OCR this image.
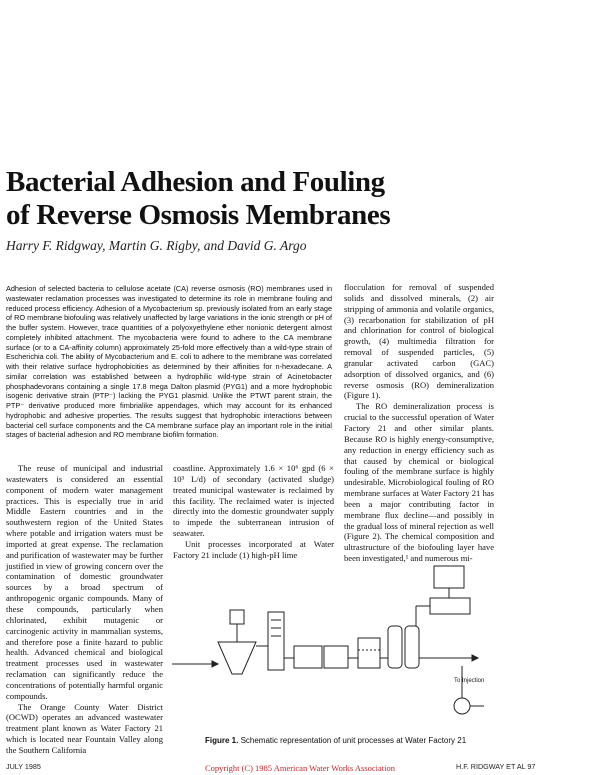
Bacterial Adhesion and Fouling
of Reverse Osmosis Membranes
Harry F. Ridgway, Martin G. Rigby, and David G. Argo
Adhesion of selected bacteria to cellulose acetate (CA) reverse osmosis (RO) membranes used in wastewater reclamation processes was investigated to determine its role in membrane fouling and reduced process efficiency. Adhesion of a Mycobacterium sp. previously isolated from an early stage of RO membrane biofouling was relatively unaffected by large variations in the ionic strength or pH of the buffer system. However, trace quantities of a polyoxyethylene ether nonionic detergent almost completely inhibited attachment. The mycobacteria were found to adhere to the CA membrane surface (or to a CA-affinity column) approximately 25-fold more effectively than a wild-type strain of Escherichia coli. The ability of Mycobacterium and E. coli to adhere to the membrane was correlated with their relative surface hydrophobicities as determined by their affinities for n-hexadecane. A similar correlation was established between a hydrophilic wild-type strain of Acinetobacter phosphadevorans containing a single 17.8 mega Dalton plasmid (PYG1) and a more hydrophobic isogenic derivative strain (PTP⁻) lacking the PYG1 plasmid. Unlike the PTWT parent strain, the PTP⁻ derivative produced more fimbrialike appendages, which may account for its enhanced hydrophobic and adhesive properties. The results suggest that hydrophobic interactions between bacterial cell surface components and the CA membrane surface play an important role in the initial stages of bacterial adhesion and RO membrane biofilm formation.

The reuse of municipal and industrial wastewaters is considered an essential component of modern water management practices. This is especially true in arid Middle Eastern countries and in the southwestern region of the United States where potable and irrigation waters must be imported at great expense. The reclamation and purification of wastewater may be further justified in view of growing concern over the contamination of domestic groundwater sources by a broad spectrum of anthropogenic organic compounds. Many of these compounds, particularly when chlorinated, exhibit mutagenic or carcinogenic activity in mammalian systems, and therefore pose a finite hazard to public health. Advanced chemical and biological treatment processes used in wastewater reclamation can significantly reduce the concentrations of potentially harmful organic compounds.

The Orange County Water District (OCWD) operates an advanced wastewater treatment plant known as Water Factory 21 which is located near Fountain Valley along the Southern California

coastline. Approximately 1.6 × 10⁶ gpd (6 × 10³ L/d) of secondary (activated sludge) treated municipal wastewater is reclaimed by this facility. The reclaimed water is injected directly into the domestic groundwater supply to impede the subterranean intrusion of seawater.

Unit processes incorporated at Water Factory 21 include (1) high-pH lime

flocculation for removal of suspended solids and dissolved minerals, (2) air stripping of ammonia and volatile organics, (3) recarbonation for stabilization of pH and chlorination for control of biological growth, (4) multimedia filtration for removal of suspended particles, (5) granular activated carbon (GAC) adsorption of dissolved organics, and (6) reverse osmosis (RO) demineralization (Figure 1).

The RO demineralization process is crucial to the successful operation of Water Factory 21 and other similar plants. Because RO is highly energy-consumptive, any reduction in energy efficiency such as that caused by chemical or biological fouling of the membrane surface is highly undesirable. Microbiological fouling of RO membrane surfaces at Water Factory 21 has been a major contributing factor in membrane flux decline—and possibly in the gradual loss of mineral rejection as well (Figure 2). The chemical composition and ultrastructure of the biofouling layer have been investigated,¹ and numerous mi-

To Injection
Figure 1. Schematic representation of unit processes at Water Factory 21
JULY 1985	Copyright (C) 1985 American Water Works Association	H.F. RIDGWAY ET AL 97
